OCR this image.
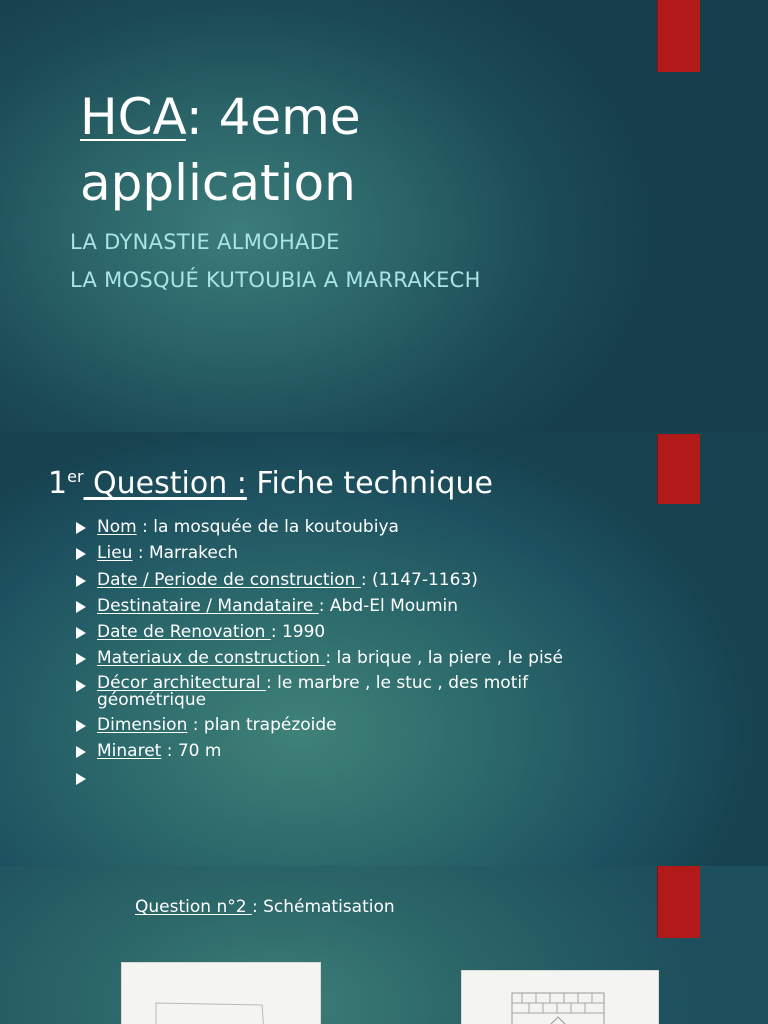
HCA: 4eme application
LA DYNASTIE ALMOHADE
LA MOSQUÉ KUTOUBIA A MARRAKECH
1er Question : Fiche technique
Nom : la mosquée de la koutoubiya
Lieu : Marrakech
Date / Periode de construction : (1147-1163)
Destinataire / Mandataire : Abd-El Moumin
Date de Renovation : 1990
Materiaux de construction : la brique , la piere , le pisé
Décor architectural : le marbre , le stuc , des motif géométrique
Dimension : plan trapézoide
Minaret : 70 m

Question n°2 : Schématisation
